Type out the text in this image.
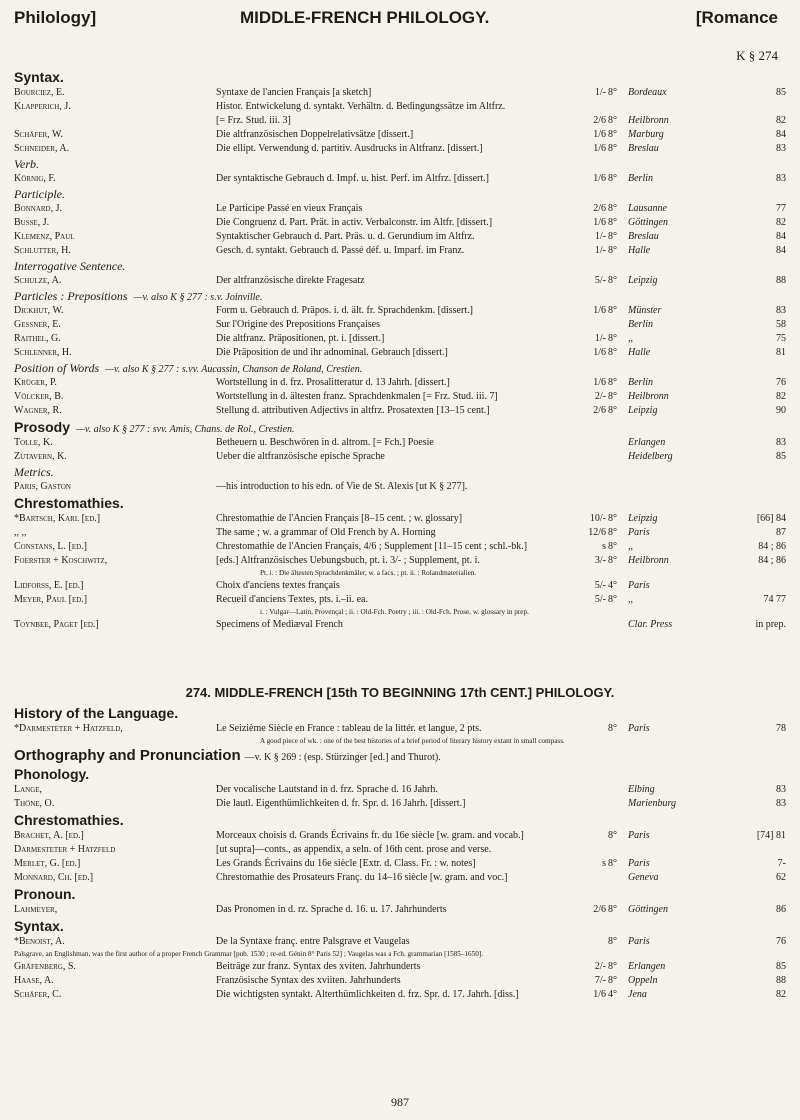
Philology]	MIDDLE-FRENCH PHILOLOGY.	[Romance
K § 274
Syntax.
Bourciez, E.	Syntaxe de l'ancien Français [a sketch]	1/- 8°	Bordeaux	85
Klapperich, J.	Histor. Entwickelung d. syntakt. Verhältn. d. Bedingungssätze im Altfrz.
[= Frz. Stud. iii. 3]	2/6 8°	Heilbronn	82
Schäfer, W.	Die altfranzösischen Doppelrelativsätze [dissert.]	1/6 8°	Marburg	84
Schneider, A.	Die ellipt. Verwendung d. partitiv. Ausdrucks in Altfranz. [dissert.]	1/6 8°	Breslau	83
Verb.
Körnig, F.	Der syntaktische Gebrauch d. Impf. u. hist. Perf. im Altfrz. [dissert.]	1/6 8°	Berlin	83
Participle.
Bonnard, J.	Le Participe Passé en vieux Français	2/6 8°	Lausanne	77
Busse, J.	Die Congruenz d. Part. Prät. in activ. Verbalconstr. im Altfr. [dissert.]	1/6 8°	Göttingen	82
Klemenz, Paul	Syntaktischer Gebrauch d. Part. Präs. u. d. Gerundium im Altfrz.	1/- 8°	Breslau	84
Schlutter, H.	Gesch. d. syntakt. Gebrauch d. Passé déf. u. Imparf. im Franz.	1/- 8°	Halle	84
Interrogative Sentence.
Schulze, A.	Der altfranzösische direkte Fragesatz	5/- 8°	Leipzig	88
Particles : Prepositions —v. also K § 277 : s.v. Joinville.
Dickhut, W.	Form u. Gebrauch d. Präpos. i. d. ält. fr. Sprachdenkm. [dissert.]	1/6 8°	Münster	83
Gessner, E.	Sur l'Origine des Prepositions Françaises	Berlin	58
Raithel, G.	Die altfranz. Präpositionen, pt. i. [dissert.]	1/- 8°	,,	75
Schlenner, H.	Die Präposition de und ihr adnominal. Gebrauch [dissert.]	1/6 8°	Halle	81
Position of Words —v. also K § 277 : s.vv. Aucassin, Chanson de Roland, Crestien.
Krüger, P.	Wortstellung in d. frz. Prosalitteratur d. 13 Jahrh. [dissert.]	1/6 8°	Berlin	76
Völcker, B.	Wortstellung in d. ältesten franz. Sprachdenkmalen [= Frz. Stud. iii. 7]	2/- 8°	Heilbronn	82
Wagner, R.	Stellung d. attributiven Adjectivs in altfrz. Prosatexten [13–15 cent.]	2/6 8°	Leipzig	90
Prosody —v. also K § 277 : svv. Amis, Chans. de Rol., Crestien.
Tolle, K.	Betheuern u. Beschwören in d. altrom. [= Fch.] Poesie	Erlangen	83
Zutavern, K.	Ueber die altfranzösische epische Sprache	Heidelberg	85
Metrics.
Paris, Gaston	—his introduction to his edn. of Vie de St. Alexis [ut K § 277].
Chrestomathies.
*Bartsch, Karl [ed.]	Chrestomathie de l'Ancien Français [8–15 cent. ; w. glossary]	10/- 8°	Leipzig	[66] 84
,, ,,	The same ; w. a grammar of Old French by A. Horning	12/6 8°	Paris	87
Constans, L. [ed.]	Chrestomathie de l'Ancien Français, 4/6 ; Supplement [11–15 cent ; schl.-bk.]	s 8°	,,	84 ; 86
Foerster + Koschwitz,	[eds.] Altfranzösisches Uebungsbuch, pt. i. 3/- ; Supplement, pt. i.	3/- 8°	Heilbronn	84 ; 86
Pt. i. : Die ältesten Sprachdenkmäler, w. a facs. ; pt. ii. : Rolandmaterialien.
Lidforss, E. [ed.]	Choix d'anciens textes français	5/- 4°	Paris
Meyer, Paul [ed.]	Recueil d'anciens Textes, pts. i.–ii. ea.	5/- 8°	,,	74 77
i. : Vulgar—Latin, Provençal ; ii. : Old-Fch. Poetry ; iii. : Old-Fch. Prose, w. glossary in prep.
Toynbee, Paget [ed.]	Specimens of Mediæval French	Clar. Press	in prep.
274. MIDDLE-FRENCH [15th TO BEGINNING 17th CENT.] PHILOLOGY.
History of the Language.
*Darmesteter + Hatzfeld,	Le Seizième Siècle en France : tableau de la littér. et langue, 2 pts.	8°	Paris	78
A good piece of wk. : one of the best histories of a brief period of literary history extant in small compass.
Orthography and Pronunciation —v. K § 269 : (esp. Stürzinger [ed.] and Thurot).
Phonology.
Lange,	Der vocalische Lautstand in d. frz. Sprache d. 16 Jahrh.	Elbing	83
Thöne, O.	Die lautl. Eigenthümlichkeiten d. fr. Spr. d. 16 Jahrh. [dissert.]	Marienburg	83
Chrestomathies.
Brachet, A. [ed.]	Morceaux choisis d. Grands Écrivains fr. du 16e siècle [w. gram. and vocab.]	8°	Paris	[74] 81
Darmesteter + Hatzfeld	[ut supra]—conts., as appendix, a seln. of 16th cent. prose and verse.
Merlet, G. [ed.]	Les Grands Écrivains du 16e siècle [Extr. d. Class. Fr. : w. notes]	s 8°	Paris	7-
Monnard, Ch. [ed.]	Chrestomathie des Prosateurs Franç. du 14–16 siècle [w. gram. and voc.]	Geneva	62
Pronoun.
Lahmeyer,	Das Pronomen in d. rz. Sprache d. 16. u. 17. Jahrhunderts	2/6 8°	Göttingen	86
Syntax.
*Benoist, A.	De la Syntaxe franç. entre Palsgrave et Vaugelas	8°	Paris	76
Palsgrave, an Englishman, was the first author of a proper French Grammar [pub. 1530 ; re-ed. Génin 8° Paris 52] ; Vaugelas was a Fch. grammarian [1585–1650].
Gräfenberg, S.	Beiträge zur franz. Syntax des xviten. Jahrhunderts	2/- 8°	Erlangen	85
Haase, A.	Französische Syntax des xviiten. Jahrhunderts	7/- 8°	Oppeln	88
Schäfer, C.	Die wichtigsten syntakt. Alterthümlichkeiten d. frz. Spr. d. 17. Jahrh. [diss.]	1/6 4°	Jena	82
987
